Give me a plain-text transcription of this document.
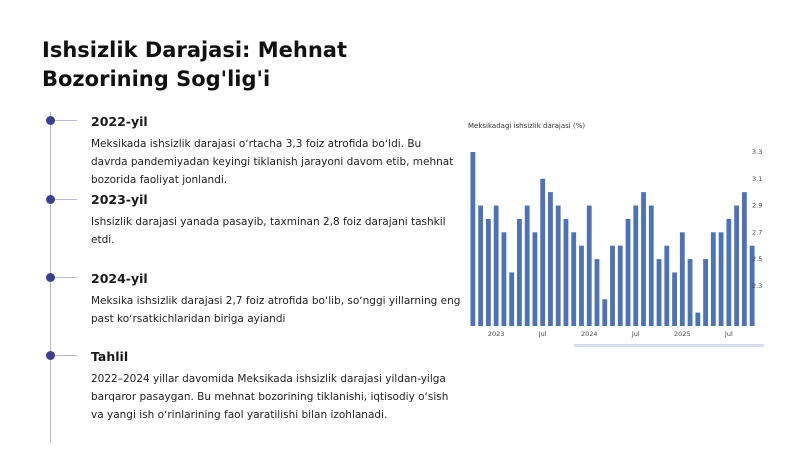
Ishsizlik Darajasi: Mehnat Bozorining Sog'lig'i
2022-yil
Meksikada ishsizlik darajasi oʻrtacha 3,3 foiz atrofida boʻldi. Bu davrda pandemiyadan keyingi tiklanish jarayoni davom etib, mehnat bozorida faoliyat jonlandi.
2023-yil
Ishsizlik darajasi yanada pasayib, taxminan 2,8 foiz darajani tashkil etdi.
2024-yil
Meksika ishsizlik darajasi 2,7 foiz atrofida boʻlib, soʻnggi yillarning eng past koʻrsatkichlaridan biriga ayiandi
Tahlil
2022–2024 yillar davomida Meksikada ishsizlik darajasi yildan-yilga barqaror pasaygan. Bu mehnat bozorining tiklanishi, iqtisodiy oʻsish va yangi ish oʻrinlarining faol yaratilishi bilan izohlanadi.
Meksikadagi ishsizlik darajasi (%)
3.3
3.1
2.9
2.7
2.5
2.3
2023	Jul	2024	Jul	2025	Jul
